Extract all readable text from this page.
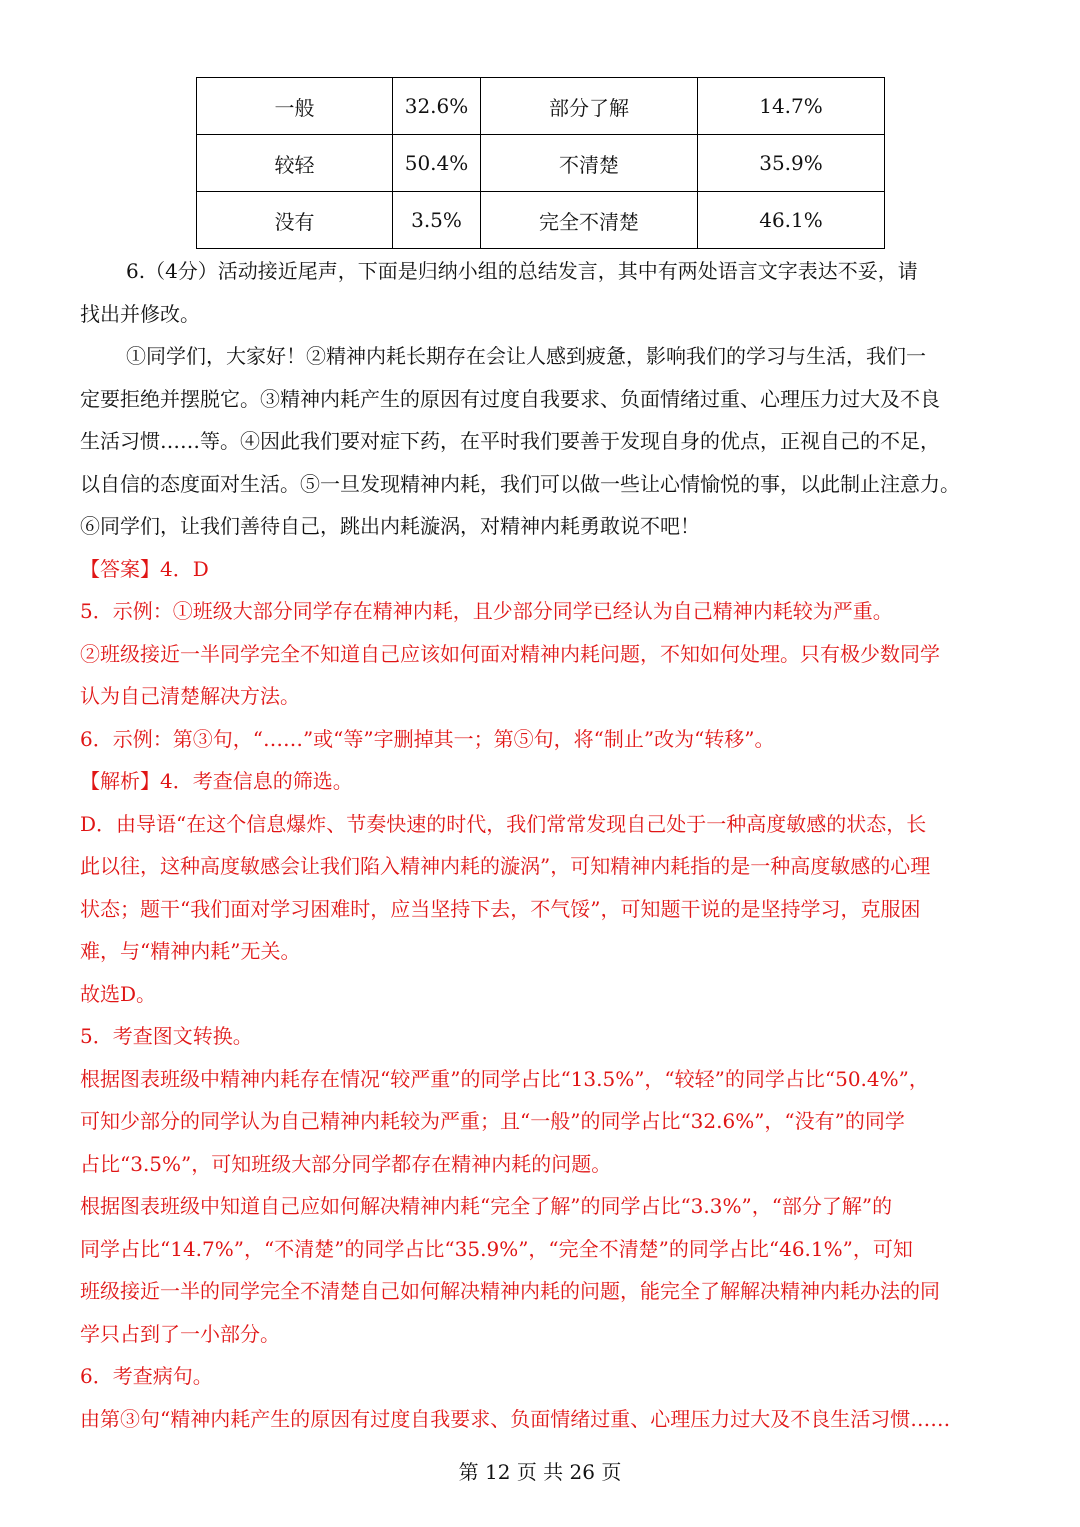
一般	32.6%	部分了解	14.7%
较轻	50.4%	不清楚	35.9%
没有	3.5%	完全不清楚	46.1%

6.（4分）活动接近尾声，下面是归纳小组的总结发言，其中有两处语言文字表达不妥，请

找出并修改。

①同学们，大家好！②精神内耗长期存在会让人感到疲惫，影响我们的学习与生活，我们一

定要拒绝并摆脱它。③精神内耗产生的原因有过度自我要求、负面情绪过重、心理压力过大及不良

生活习惯……等。④因此我们要对症下药，在平时我们要善于发现自身的优点，正视自己的不足，

以自信的态度面对生活。⑤一旦发现精神内耗，我们可以做一些让心情愉悦的事，以此制止注意力。

⑥同学们，让我们善待自己，跳出内耗漩涡，对精神内耗勇敢说不吧！

【答案】4．D

5．示例：①班级大部分同学存在精神内耗，且少部分同学已经认为自己精神内耗较为严重。

②班级接近一半同学完全不知道自己应该如何面对精神内耗问题，不知如何处理。只有极少数同学

认为自己清楚解决方法。

6．示例：第③句，“……”或“等”字删掉其一；第⑤句，将“制止”改为“转移”。

【解析】4．考查信息的筛选。

D．由导语“在这个信息爆炸、节奏快速的时代，我们常常发现自己处于一种高度敏感的状态，长

此以往，这种高度敏感会让我们陷入精神内耗的漩涡”，可知精神内耗指的是一种高度敏感的心理

状态；题干“我们面对学习困难时，应当坚持下去，不气馁”，可知题干说的是坚持学习，克服困

难，与“精神内耗”无关。

故选D。

5．考查图文转换。

根据图表班级中精神内耗存在情况“较严重”的同学占比“13.5%”，“较轻”的同学占比“50.4%”，

可知少部分的同学认为自己精神内耗较为严重；且“一般”的同学占比“32.6%”，“没有”的同学

占比“3.5%”，可知班级大部分同学都存在精神内耗的问题。

根据图表班级中知道自己应如何解决精神内耗“完全了解”的同学占比“3.3%”，“部分了解”的

同学占比“14.7%”，“不清楚”的同学占比“35.9%”，“完全不清楚”的同学占比“46.1%”，可知

班级接近一半的同学完全不清楚自己如何解决精神内耗的问题，能完全了解解决精神内耗办法的同

学只占到了一小部分。

6．考查病句。

由第③句“精神内耗产生的原因有过度自我要求、负面情绪过重、心理压力过大及不良生活习惯……

第 12 页 共 26 页
